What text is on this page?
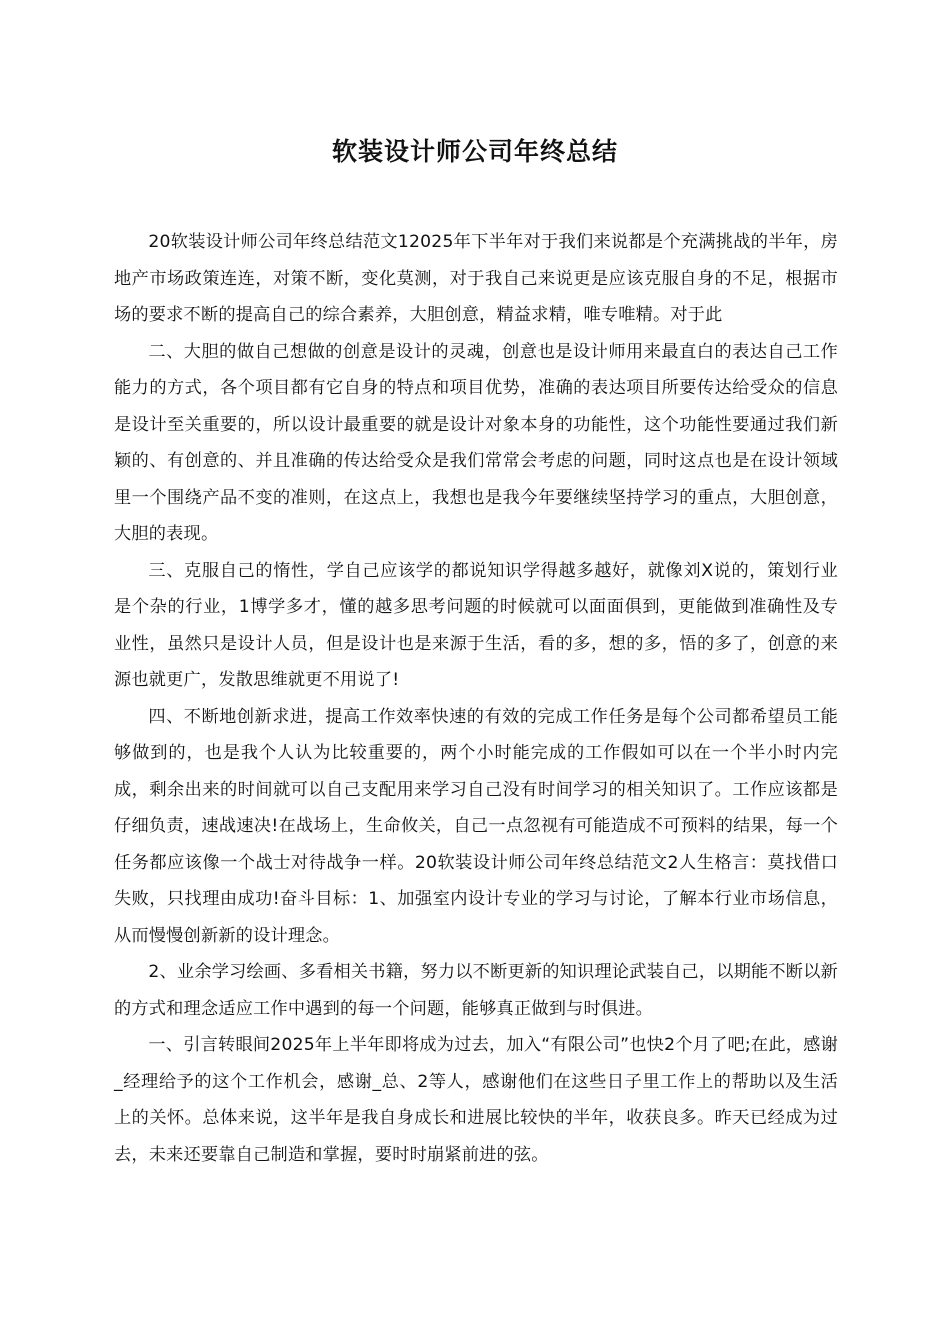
软装设计师公司年终总结

20软装设计师公司年终总结范文12025年下半年对于我们来说都是个充满挑战的半年，房地产市场政策连连，对策不断，变化莫测，对于我自己来说更是应该克服自身的不足，根据市场的要求不断的提高自己的综合素养，大胆创意，精益求精，唯专唯精。对于此

二、大胆的做自己想做的创意是设计的灵魂，创意也是设计师用来最直白的表达自己工作能力的方式，各个项目都有它自身的特点和项目优势，准确的表达项目所要传达给受众的信息是设计至关重要的，所以设计最重要的就是设计对象本身的功能性，这个功能性要通过我们新颖的、有创意的、并且准确的传达给受众是我们常常会考虑的问题，同时这点也是在设计领域里一个围绕产品不变的准则，在这点上，我想也是我今年要继续坚持学习的重点，大胆创意，大胆的表现。

三、克服自己的惰性，学自己应该学的都说知识学得越多越好，就像刘X说的，策划行业是个杂的行业，1博学多才，懂的越多思考问题的时候就可以面面俱到，更能做到准确性及专业性，虽然只是设计人员，但是设计也是来源于生活，看的多，想的多，悟的多了，创意的来源也就更广，发散思维就更不用说了!

四、不断地创新求进，提高工作效率快速的有效的完成工作任务是每个公司都希望员工能够做到的，也是我个人认为比较重要的，两个小时能完成的工作假如可以在一个半小时内完成，剩余出来的时间就可以自己支配用来学习自己没有时间学习的相关知识了。工作应该都是仔细负责，速战速决!在战场上，生命攸关，自己一点忽视有可能造成不可预料的结果，每一个任务都应该像一个战士对待战争一样。20软装设计师公司年终总结范文2人生格言：莫找借口失败，只找理由成功!奋斗目标：1、加强室内设计专业的学习与讨论，了解本行业市场信息，从而慢慢创新新的设计理念。

2、业余学习绘画、多看相关书籍，努力以不断更新的知识理论武装自己，以期能不断以新的方式和理念适应工作中遇到的每一个问题，能够真正做到与时俱进。

一、引言转眼间2025年上半年即将成为过去，加入“有限公司”也快2个月了吧;在此，感谢_经理给予的这个工作机会，感谢_总、2等人，感谢他们在这些日子里工作上的帮助以及生活上的关怀。总体来说，这半年是我自身成长和进展比较快的半年，收获良多。昨天已经成为过去，未来还要靠自己制造和掌握，要时时崩紧前进的弦。
